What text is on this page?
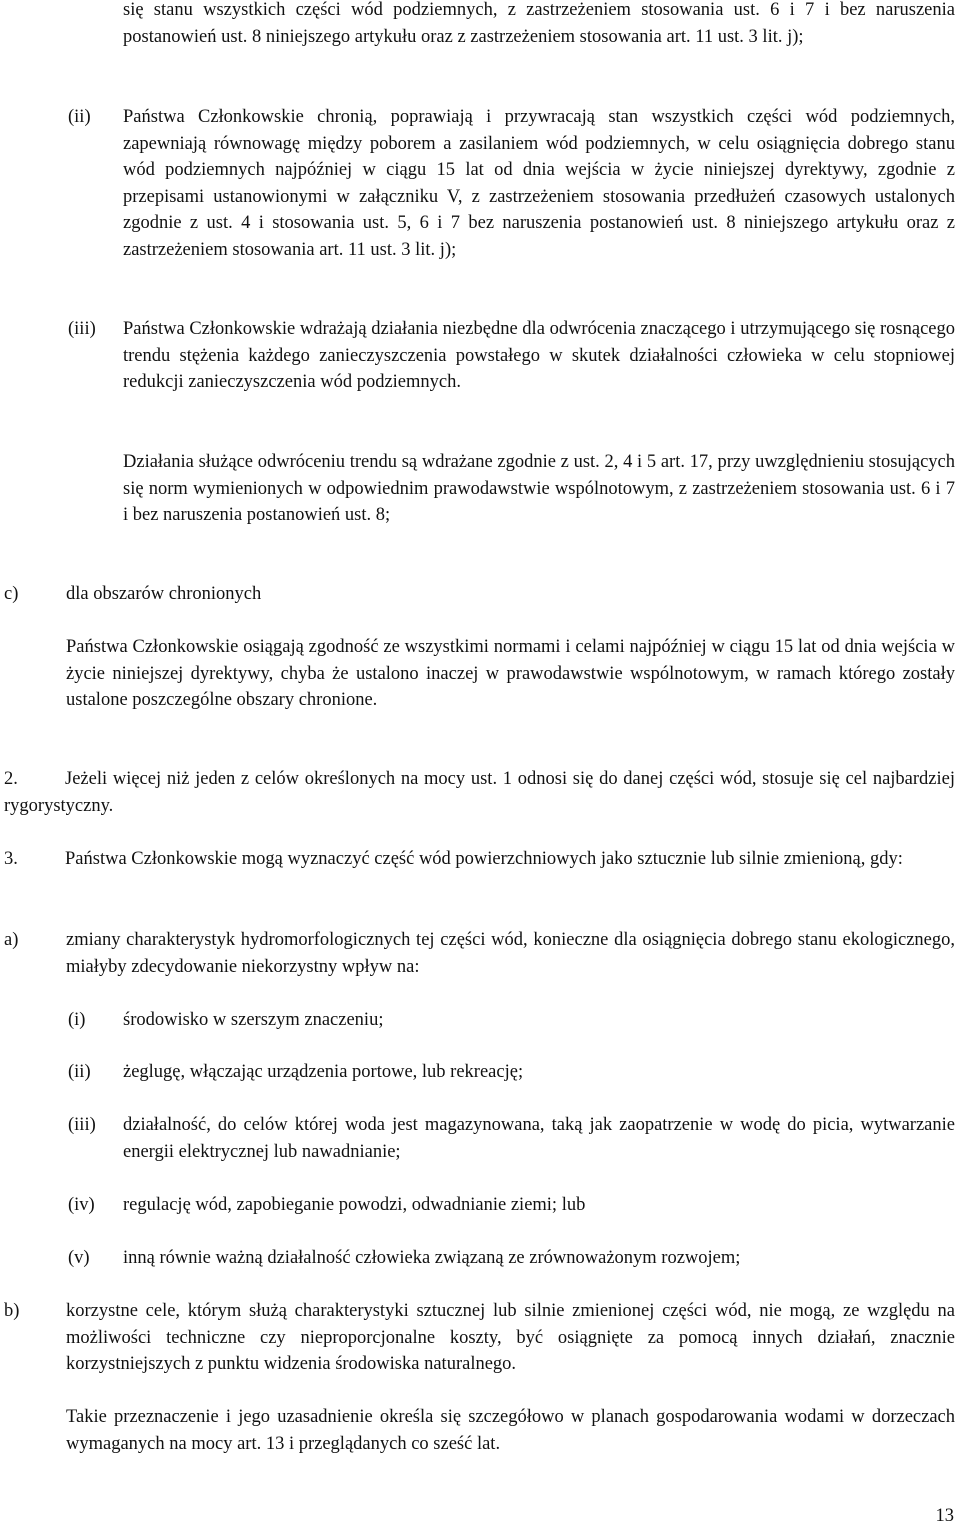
się stanu wszystkich części wód podziemnych, z zastrzeżeniem stosowania ust. 6 i 7 i bez naruszenia postanowień ust. 8 niniejszego artykułu oraz z zastrzeżeniem stosowania art. 11 ust. 3 lit. j);

(ii) Państwa Członkowskie chronią, poprawiają i przywracają stan wszystkich części wód podziemnych, zapewniają równowagę między poborem a zasilaniem wód podziemnych, w celu osiągnięcia dobrego stanu wód podziemnych najpóźniej w ciągu 15 lat od dnia wejścia w życie niniejszej dyrektywy, zgodnie z przepisami ustanowionymi w załączniku V, z zastrzeżeniem stosowania przedłużeń czasowych ustalonych zgodnie z ust. 4 i stosowania ust. 5, 6 i 7 bez naruszenia postanowień ust. 8 niniejszego artykułu oraz z zastrzeżeniem stosowania art. 11 ust. 3 lit. j);

(iii) Państwa Członkowskie wdrażają działania niezbędne dla odwrócenia znaczącego i utrzymującego się rosnącego trendu stężenia każdego zanieczyszczenia powstałego w skutek działalności człowieka w celu stopniowej redukcji zanieczyszczenia wód podziemnych.

Działania służące odwróceniu trendu są wdrażane zgodnie z ust. 2, 4 i 5 art. 17, przy uwzględnieniu stosujących się norm wymienionych w odpowiednim prawodawstwie wspólnotowym, z zastrzeżeniem stosowania ust. 6 i 7 i bez naruszenia postanowień ust. 8;

c)	dla obszarów chronionych

Państwa Członkowskie osiągają zgodność ze wszystkimi normami i celami najpóźniej w ciągu 15 lat od dnia wejścia w życie niniejszej dyrektywy, chyba że ustalono inaczej w prawodawstwie wspólnotowym, w ramach którego zostały ustalone poszczególne obszary chronione.

2.	Jeżeli więcej niż jeden z celów określonych na mocy ust. 1 odnosi się do danej części wód, stosuje się cel najbardziej rygorystyczny.

3.	Państwa Członkowskie mogą wyznaczyć część wód powierzchniowych jako sztucznie lub silnie zmienioną, gdy:

a)	zmiany charakterystyk hydromorfologicznych tej części wód, konieczne dla osiągnięcia dobrego stanu ekologicznego, miałyby zdecydowanie niekorzystny wpływ na:

(i) środowisko w szerszym znaczeniu;

(ii) żeglugę, włączając urządzenia portowe, lub rekreację;

(iii) działalność, do celów której woda jest magazynowana, taką jak zaopatrzenie w wodę do picia, wytwarzanie energii elektrycznej lub nawadnianie;

(iv) regulację wód, zapobieganie powodzi, odwadnianie ziemi; lub

(v) inną równie ważną działalność człowieka związaną ze zrównoważonym rozwojem;

b)	korzystne cele, którym służą charakterystyki sztucznej lub silnie zmienionej części wód, nie mogą, ze względu na możliwości techniczne czy nieproporcjonalne koszty, być osiągnięte za pomocą innych działań, znacznie korzystniejszych z punktu widzenia środowiska naturalnego.

Takie przeznaczenie i jego uzasadnienie określa się szczegółowo w planach gospodarowania wodami w dorzeczach wymaganych na mocy art. 13 i przeglądanych co sześć lat.

13
